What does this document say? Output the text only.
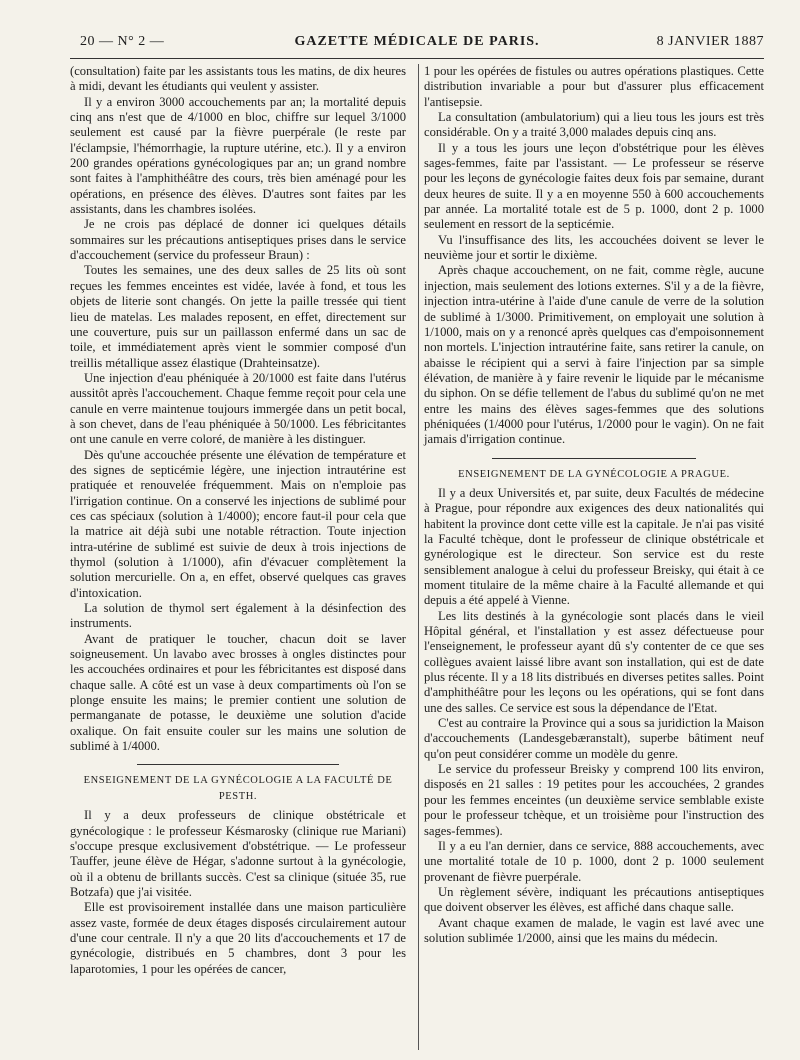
20 — N° 2 —	GAZETTE MÉDICALE DE PARIS.	8 JANVIER 1887

(consultation) faite par les assistants tous les matins, de dix heures à midi, devant les étudiants qui veulent y assister.

Il y a environ 3000 accouchements par an; la mortalité depuis cinq ans n'est que de 4/1000 en bloc, chiffre sur lequel 3/1000 seulement est causé par la fièvre puerpérale (le reste par l'éclampsie, l'hémorrhagie, la rupture utérine, etc.). Il y a environ 200 grandes opérations gynécologiques par an; un grand nombre sont faites à l'amphithéâtre des cours, très bien aménagé pour les opérations, en présence des élèves. D'autres sont faites par les assistants, dans les chambres isolées.

Je ne crois pas déplacé de donner ici quelques détails sommaires sur les précautions antiseptiques prises dans le service d'accouchement (service du professeur Braun) :

Toutes les semaines, une des deux salles de 25 lits où sont reçues les femmes enceintes est vidée, lavée à fond, et tous les objets de literie sont changés. On jette la paille tressée qui tient lieu de matelas. Les malades reposent, en effet, directement sur une couverture, puis sur un paillasson enfermé dans un sac de toile, et immédiatement après vient le sommier composé d'un treillis métallique assez élastique (Drahteinsatze).

Une injection d'eau phéniquée à 20/1000 est faite dans l'utérus aussitôt après l'accouchement. Chaque femme reçoit pour cela une canule en verre maintenue toujours immergée dans un petit bocal, à son chevet, dans de l'eau phéniquée à 50/1000. Les fébricitantes ont une canule en verre coloré, de manière à les distinguer.

Dès qu'une accouchée présente une élévation de température et des signes de septicémie légère, une injection intrautérine est pratiquée et renouvelée fréquemment. Mais on n'emploie pas l'irrigation continue. On a conservé les injections de sublimé pour ces cas spéciaux (solution à 1/4000); encore faut-il pour cela que la matrice ait déjà subi une notable rétraction. Toute injection intra-utérine de sublimé est suivie de deux à trois injections de thymol (solution à 1/1000), afin d'évacuer complètement la solution mercurielle. On a, en effet, observé quelques cas graves d'intoxication.

La solution de thymol sert également à la désinfection des instruments.

Avant de pratiquer le toucher, chacun doit se laver soigneusement. Un lavabo avec brosses à ongles distinctes pour les accouchées ordinaires et pour les fébricitantes est disposé dans chaque salle. A côté est un vase à deux compartiments où l'on se plonge ensuite les mains; le premier contient une solution de permanganate de potasse, le deuxième une solution d'acide oxalique. On fait ensuite couler sur les mains une solution de sublimé à 1/4000.

ENSEIGNEMENT DE LA GYNÉCOLOGIE A LA FACULTÉ DE PESTH.

Il y a deux professeurs de clinique obstétricale et gynécologique : le professeur Késmarosky (clinique rue Mariani) s'occupe presque exclusivement d'obstétrique. — Le professeur Tauffer, jeune élève de Hégar, s'adonne surtout à la gynécologie, où il a obtenu de brillants succès. C'est sa clinique (située 35, rue Botzafa) que j'ai visitée.

Elle est provisoirement installée dans une maison particulière assez vaste, formée de deux étages disposés circulairement autour d'une cour centrale. Il n'y a que 20 lits d'accouchements et 17 de gynécologie, distribués en 5 chambres, dont 3 pour les laparotomies, 1 pour les opérées de cancer,

1 pour les opérées de fistules ou autres opérations plastiques. Cette distribution invariable a pour but d'assurer plus efficacement l'antisepsie.

La consultation (ambulatorium) qui a lieu tous les jours est très considérable. On y a traité 3,000 malades depuis cinq ans.

Il y a tous les jours une leçon d'obstétrique pour les élèves sages-femmes, faite par l'assistant. — Le professeur se réserve pour les leçons de gynécologie faites deux fois par semaine, durant deux heures de suite. Il y a en moyenne 550 à 600 accouchements par année. La mortalité totale est de 5 p. 1000, dont 2 p. 1000 seulement en ressort de la septicémie.

Vu l'insuffisance des lits, les accouchées doivent se lever le neuvième jour et sortir le dixième.

Après chaque accouchement, on ne fait, comme règle, aucune injection, mais seulement des lotions externes. S'il y a de la fièvre, injection intra-utérine à l'aide d'une canule de verre de la solution de sublimé à 1/3000. Primitivement, on employait une solution à 1/1000, mais on y a renoncé après quelques cas d'empoisonnement non mortels. L'injection intrautérine faite, sans retirer la canule, on abaisse le récipient qui a servi à faire l'injection par sa simple élévation, de manière à y faire revenir le liquide par le mécanisme du siphon. On se défie tellement de l'abus du sublimé qu'on ne met entre les mains des élèves sages-femmes que des solutions phéniquées (1/4000 pour l'utérus, 1/2000 pour le vagin). On ne fait jamais d'irrigation continue.

ENSEIGNEMENT DE LA GYNÉCOLOGIE A PRAGUE.

Il y a deux Universités et, par suite, deux Facultés de médecine à Prague, pour répondre aux exigences des deux nationalités qui habitent la province dont cette ville est la capitale. Je n'ai pas visité la Faculté tchèque, dont le professeur de clinique obstétricale et gynérologique est le directeur. Son service est du reste sensiblement analogue à celui du professeur Breisky, qui était à ce moment titulaire de la même chaire à la Faculté allemande et qui depuis a été appelé à Vienne.

Les lits destinés à la gynécologie sont placés dans le vieil Hôpital général, et l'installation y est assez défectueuse pour l'enseignement, le professeur ayant dû s'y contenter de ce que ses collègues avaient laissé libre avant son installation, qui est de date plus récente. Il y a 18 lits distribués en diverses petites salles. Point d'amphithéâtre pour les leçons ou les opérations, qui se font dans une des salles. Ce service est sous la dépendance de l'Etat.

C'est au contraire la Province qui a sous sa juridiction la Maison d'accouchements (Landesgebæranstalt), superbe bâtiment neuf qu'on peut considérer comme un modèle du genre.

Le service du professeur Breisky y comprend 100 lits environ, disposés en 21 salles : 19 petites pour les accouchées, 2 grandes pour les femmes enceintes (un deuxième service semblable existe pour le professeur tchèque, et un troisième pour l'instruction des sages-femmes).

Il y a eu l'an dernier, dans ce service, 888 accouchements, avec une mortalité totale de 10 p. 1000, dont 2 p. 1000 seulement provenant de fièvre puerpérale.

Un règlement sévère, indiquant les précautions antiseptiques que doivent observer les élèves, est affiché dans chaque salle.

Avant chaque examen de malade, le vagin est lavé avec une solution sublimée 1/2000, ainsi que les mains du médecin.
